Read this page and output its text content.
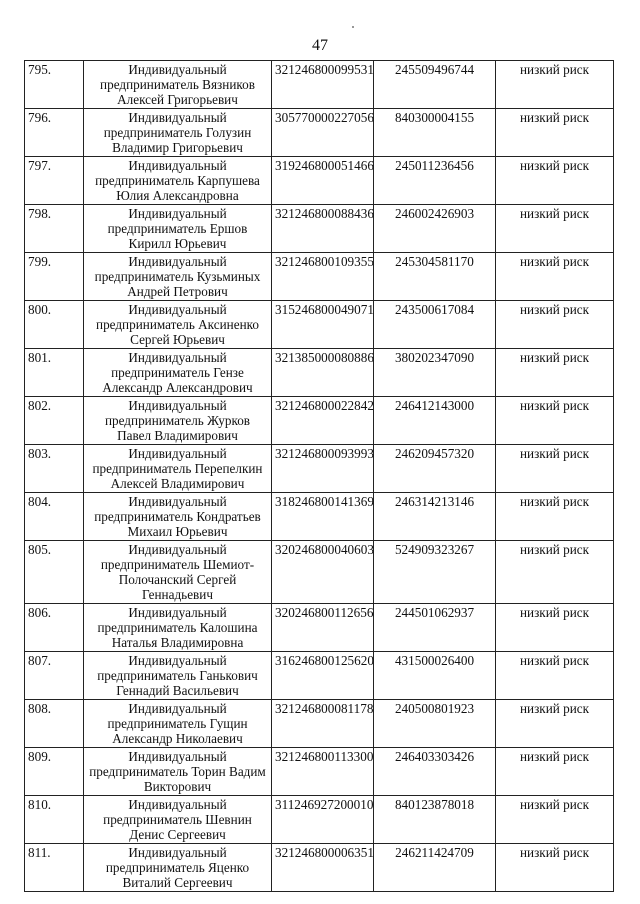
47
795.	Индивидуальный
предприниматель Вязников
Алексей Григорьевич	321246800099531	245509496744	низкий риск
796.	Индивидуальный
предприниматель Голузин
Владимир Григорьевич	305770000227056	840300004155	низкий риск
797.	Индивидуальный
предприниматель Карпушева
Юлия Александровна	319246800051466	245011236456	низкий риск
798.	Индивидуальный
предприниматель Ершов
Кирилл Юрьевич	321246800088436	246002426903	низкий риск
799.	Индивидуальный
предприниматель Кузьминых
Андрей Петрович	321246800109355	245304581170	низкий риск
800.	Индивидуальный
предприниматель Аксиненко
Сергей Юрьевич	315246800049071	243500617084	низкий риск
801.	Индивидуальный
предприниматель Гензе
Александр Александрович	321385000080886	380202347090	низкий риск
802.	Индивидуальный
предприниматель Журков
Павел Владимирович	321246800022842	246412143000	низкий риск
803.	Индивидуальный
предприниматель Перепелкин
Алексей Владимирович	321246800093993	246209457320	низкий риск
804.	Индивидуальный
предприниматель Кондратьев
Михаил Юрьевич	318246800141369	246314213146	низкий риск
805.	Индивидуальный
предприниматель Шемиот-
Полочанский Сергей
Геннадьевич	320246800040603	524909323267	низкий риск
806.	Индивидуальный
предприниматель Калошина
Наталья Владимировна	320246800112656	244501062937	низкий риск
807.	Индивидуальный
предприниматель Ганькович
Геннадий Васильевич	316246800125620	431500026400	низкий риск
808.	Индивидуальный
предприниматель Гущин
Александр Николаевич	321246800081178	240500801923	низкий риск
809.	Индивидуальный
предприниматель Торин Вадим
Викторович	321246800113300	246403303426	низкий риск
810.	Индивидуальный
предприниматель Шевнин
Денис Сергеевич	311246927200010	840123878018	низкий риск
811.	Индивидуальный
предприниматель Яценко
Виталий Сергеевич	321246800006351	246211424709	низкий риск
